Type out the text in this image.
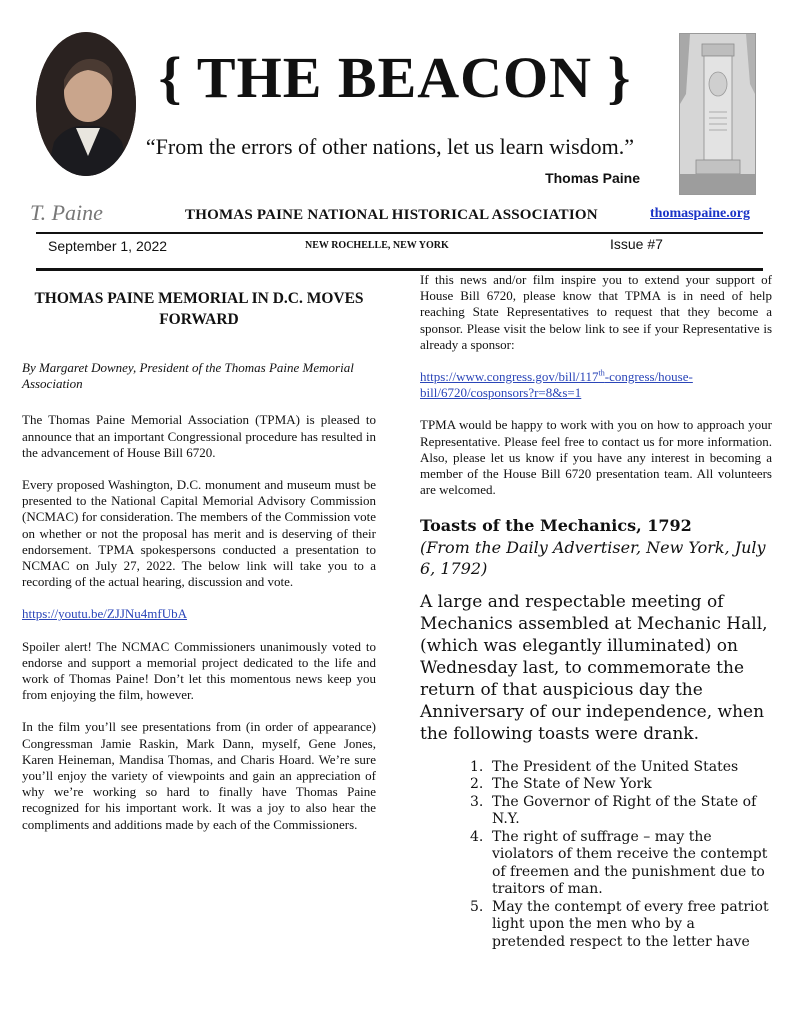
{ THE BEACON }
“From the errors of other nations, let us learn wisdom.”
Thomas Paine
T. Paine	THOMAS PAINE NATIONAL HISTORICAL ASSOCIATION	thomaspaine.org
September 1, 2022	NEW ROCHELLE, NEW YORK	Issue #7
THOMAS PAINE MEMORIAL IN D.C. MOVES FORWARD

By Margaret Downey, President of the Thomas Paine Memorial Association

The Thomas Paine Memorial Association (TPMA) is pleased to announce that an important Congressional procedure has resulted in the advancement of House Bill 6720.

Every proposed Washington, D.C. monument and museum must be presented to the National Capital Memorial Advisory Commission (NCMAC) for consideration. The members of the Commission vote on whether or not the proposal has merit and is deserving of their endorsement. TPMA spokespersons conducted a presentation to NCMAC on July 27, 2022. The below link will take you to a recording of the actual hearing, discussion and vote.

https://youtu.be/ZJJNu4mfUbA

Spoiler alert! The NCMAC Commissioners unanimously voted to endorse and support a memorial project dedicated to the life and work of Thomas Paine! Don’t let this momentous news keep you from enjoying the film, however.

In the film you’ll see presentations from (in order of appearance) Congressman Jamie Raskin, Mark Dann, myself, Gene Jones, Karen Heineman, Mandisa Thomas, and Charis Hoard. We’re sure you’ll enjoy the variety of viewpoints and gain an appreciation of why we’re working so hard to finally have Thomas Paine recognized for his important work. It was a joy to also hear the compliments and additions made by each of the Commissioners.

If this news and/or film inspire you to extend your support of House Bill 6720, please know that TPMA is in need of help reaching State Representatives to request that they become a sponsor. Please visit the below link to see if your Representative is already a sponsor:

https://www.congress.gov/bill/117th-congress/house-bill/6720/cosponsors?r=8&s=1

TPMA would be happy to work with you on how to approach your Representative. Please feel free to contact us for more information. Also, please let us know if you have any interest in becoming a member of the House Bill 6720 presentation team. All volunteers are welcomed.

Toasts of the Mechanics, 1792
(From the Daily Advertiser, New York, July 6, 1792)
A large and respectable meeting of Mechanics assembled at Mechanic Hall, (which was elegantly illuminated) on Wednesday last, to commemorate the return of that auspicious day the Anniversary of our independence, when the following toasts were drank.
1. The President of the United States
2. The State of New York
3. The Governor of Right of the State of N.Y.
4. The right of suffrage – may the violators of them receive the contempt of freemen and the punishment due to traitors of man.
5. May the contempt of every free patriot light upon the men who by a pretended respect to the letter have
